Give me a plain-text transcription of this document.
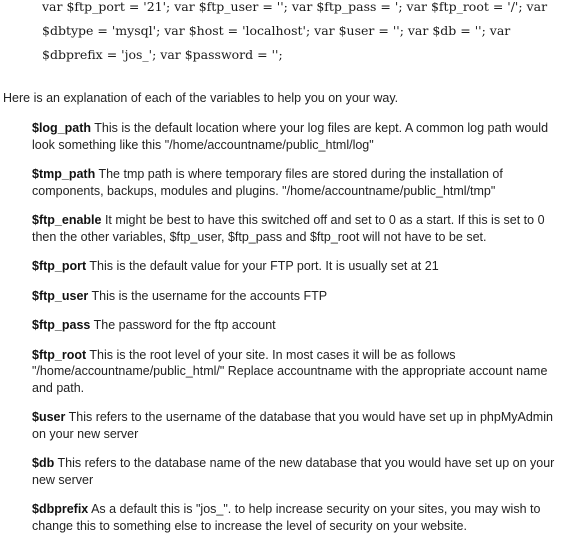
var $ftp_port = '21'; var $ftp_user = ''; var $ftp_pass = '; var $ftp_root = '/'; var
$dbtype = 'mysql'; var $host = 'localhost'; var $user = ''; var $db = ''; var
$dbprefix = 'jos_'; var $password = '';
Here is an explanation of each of the variables to help you on your way.
$log_path This is the default location where your log files are kept. A common log path would look something like this "/home/accountname/public_html/log"
$tmp_path The tmp path is where temporary files are stored during the installation of components, backups, modules and plugins. "/home/accountname/public_html/tmp"
$ftp_enable It might be best to have this switched off and set to 0 as a start. If this is set to 0 then the other variables, $ftp_user, $ftp_pass and $ftp_root will not have to be set.
$ftp_port This is the default value for your FTP port. It is usually set at 21
$ftp_user This is the username for the accounts FTP
$ftp_pass The password for the ftp account
$ftp_root This is the root level of your site. In most cases it will be as follows "/home/accountname/public_html/" Replace accountname with the appropriate account name and path.
$user This refers to the username of the database that you would have set up in phpMyAdmin on your new server
$db This refers to the database name of the new database that you would have set up on your new server
$dbprefix As a default this is "jos_". to help increase security on your sites, you may wish to change this to something else to increase the level of security on your website.
